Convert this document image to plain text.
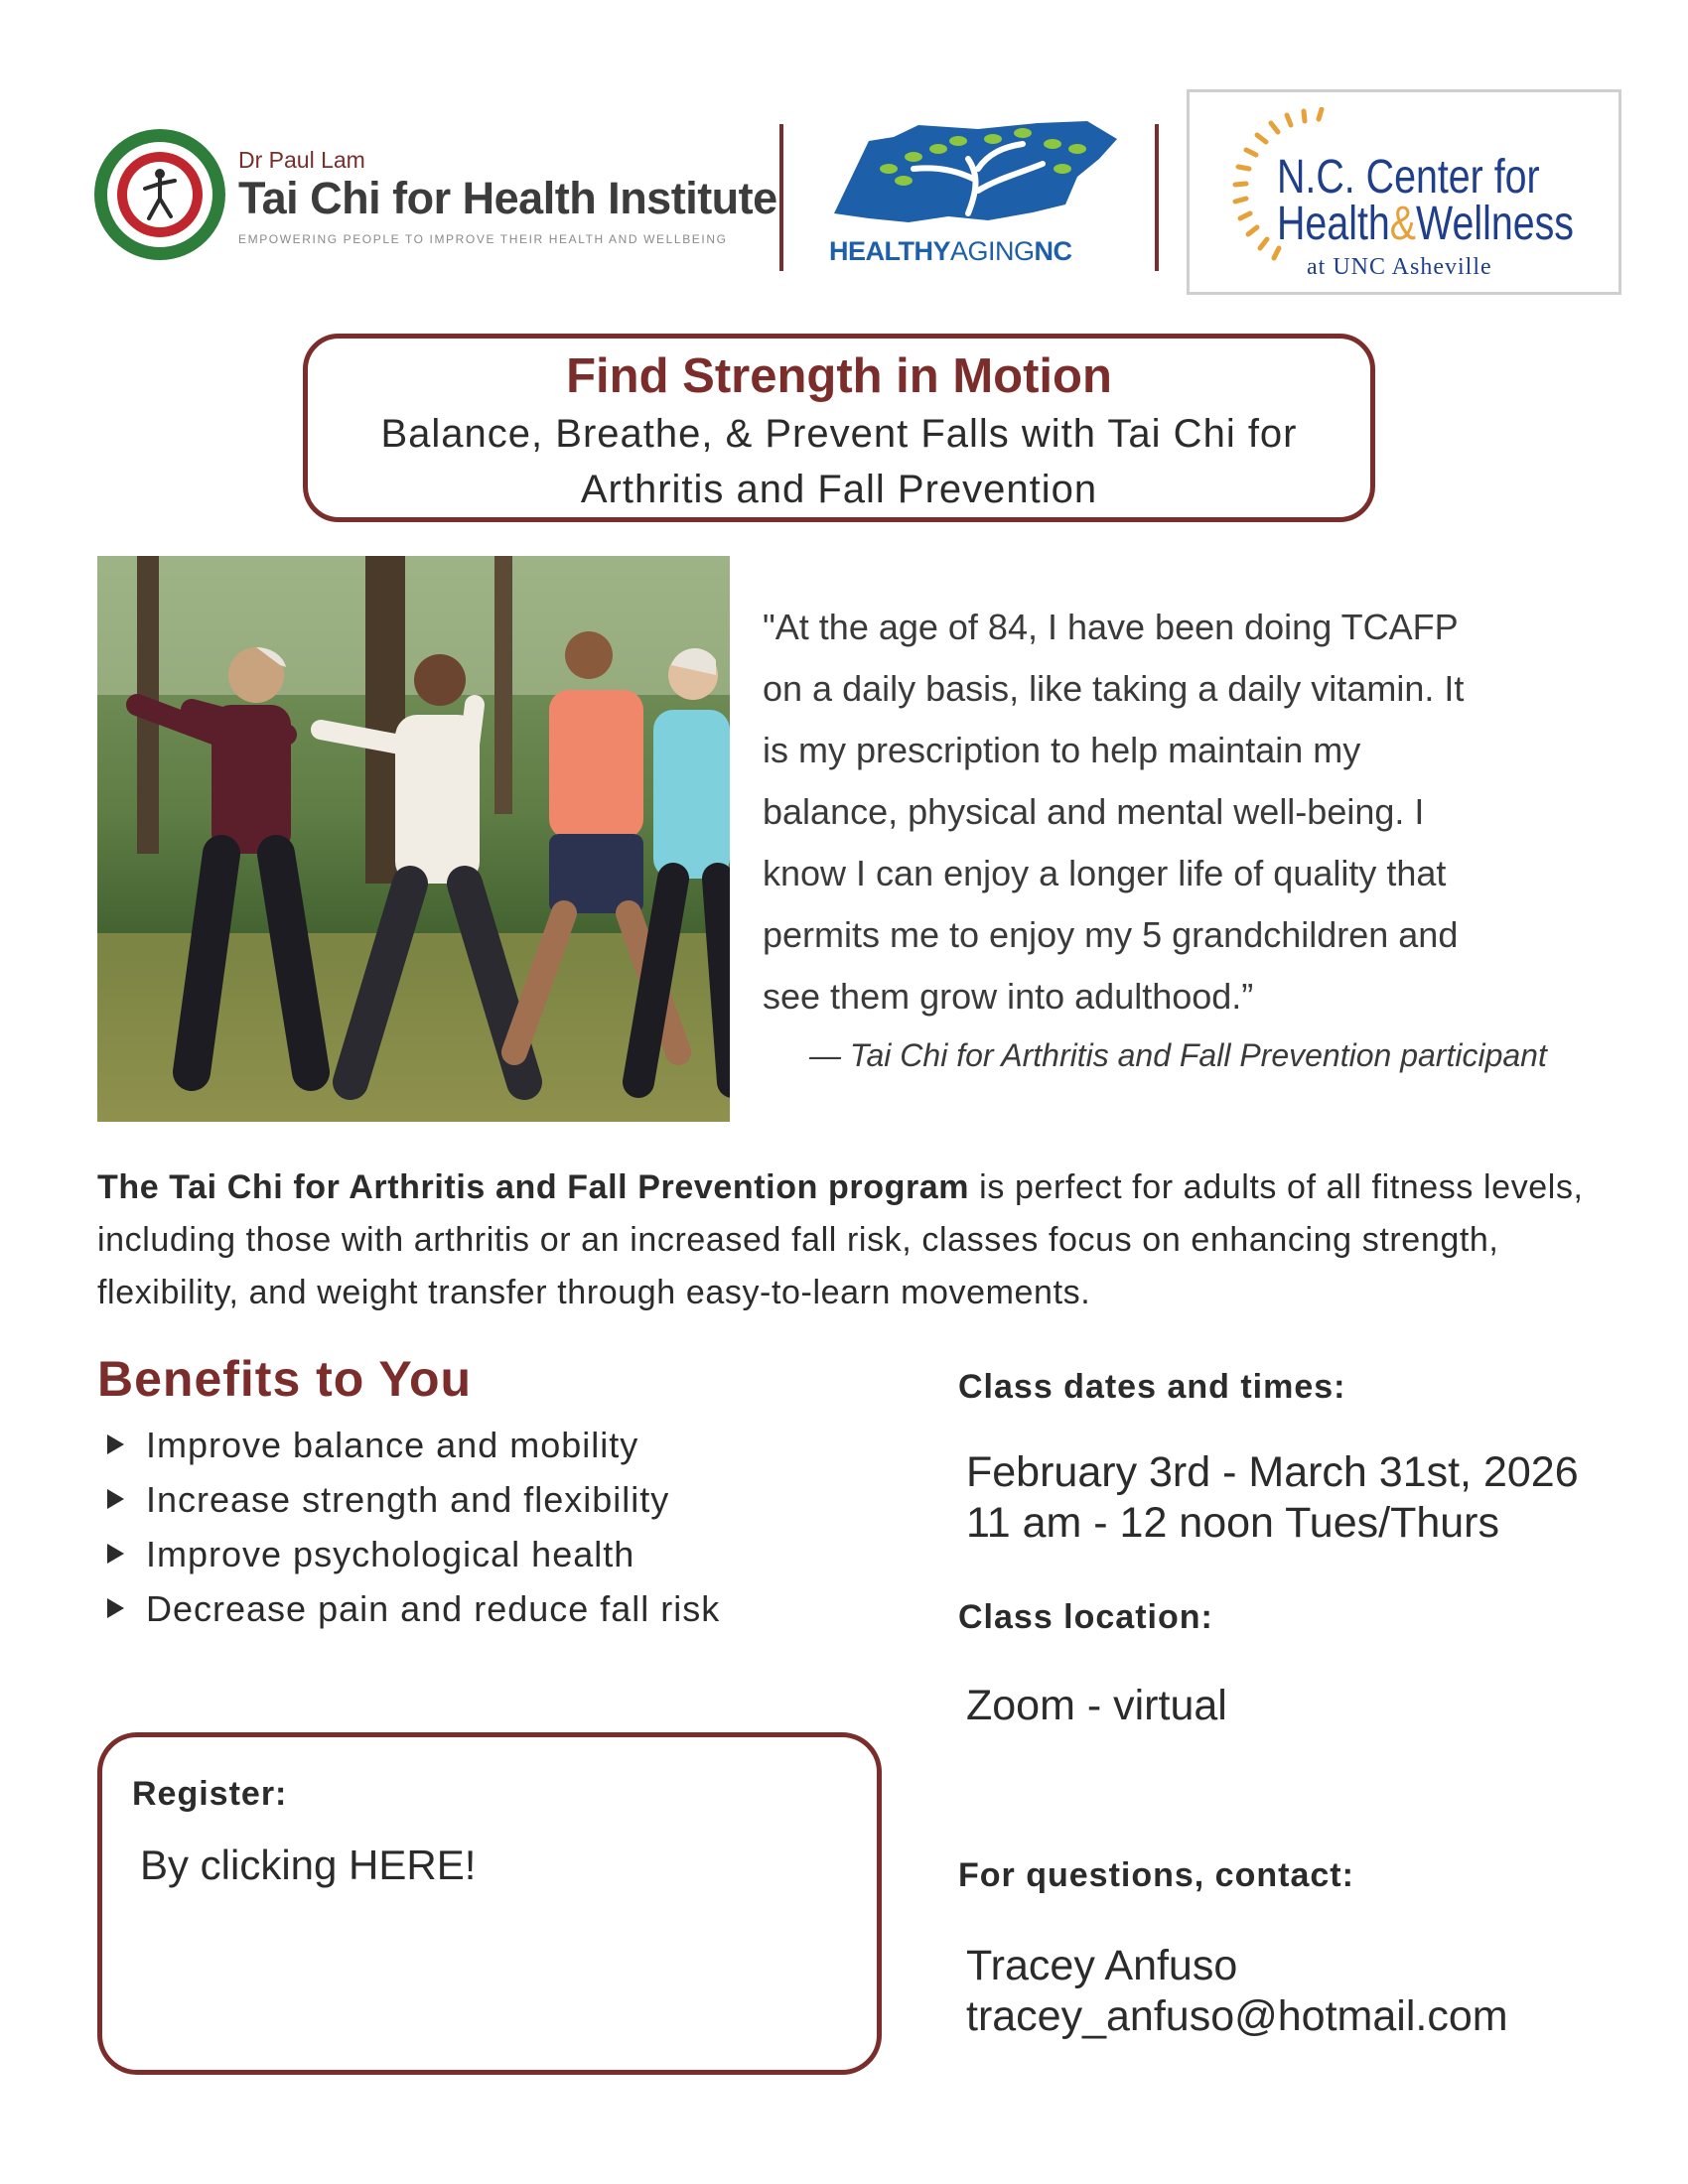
Dr Paul Lam
Tai Chi for Health Institute
EMPOWERING PEOPLE TO IMPROVE THEIR HEALTH AND WELLBEING	HEALTHYAGINGNC
N.C. Center for
Health&Wellness
at UNC Asheville
Find Strength in Motion
Balance, Breathe, & Prevent Falls with Tai Chi for
Arthritis and Fall Prevention
"At the age of 84, I have been doing TCAFP
on a daily basis, like taking a daily vitamin. It
is my prescription to help maintain my
balance, physical and mental well-being. I
know I can enjoy a longer life of quality that
permits me to enjoy my 5 grandchildren and
see them grow into adulthood.”
— Tai Chi for Arthritis and Fall Prevention participant
The Tai Chi for Arthritis and Fall Prevention program is perfect for adults of all fitness levels, including those with arthritis or an increased fall risk, classes focus on enhancing strength, flexibility, and weight transfer through easy-to-learn movements.
Benefits to You
Improve balance and mobility
Increase strength and flexibility
Improve psychological health
Decrease pain and reduce fall risk
Register:
By clicking HERE!
Class dates and times:
February 3rd - March 31st, 2026
11 am - 12 noon Tues/Thurs
Class location:
Zoom - virtual
For questions, contact:
Tracey Anfuso
tracey_anfuso@hotmail.com
